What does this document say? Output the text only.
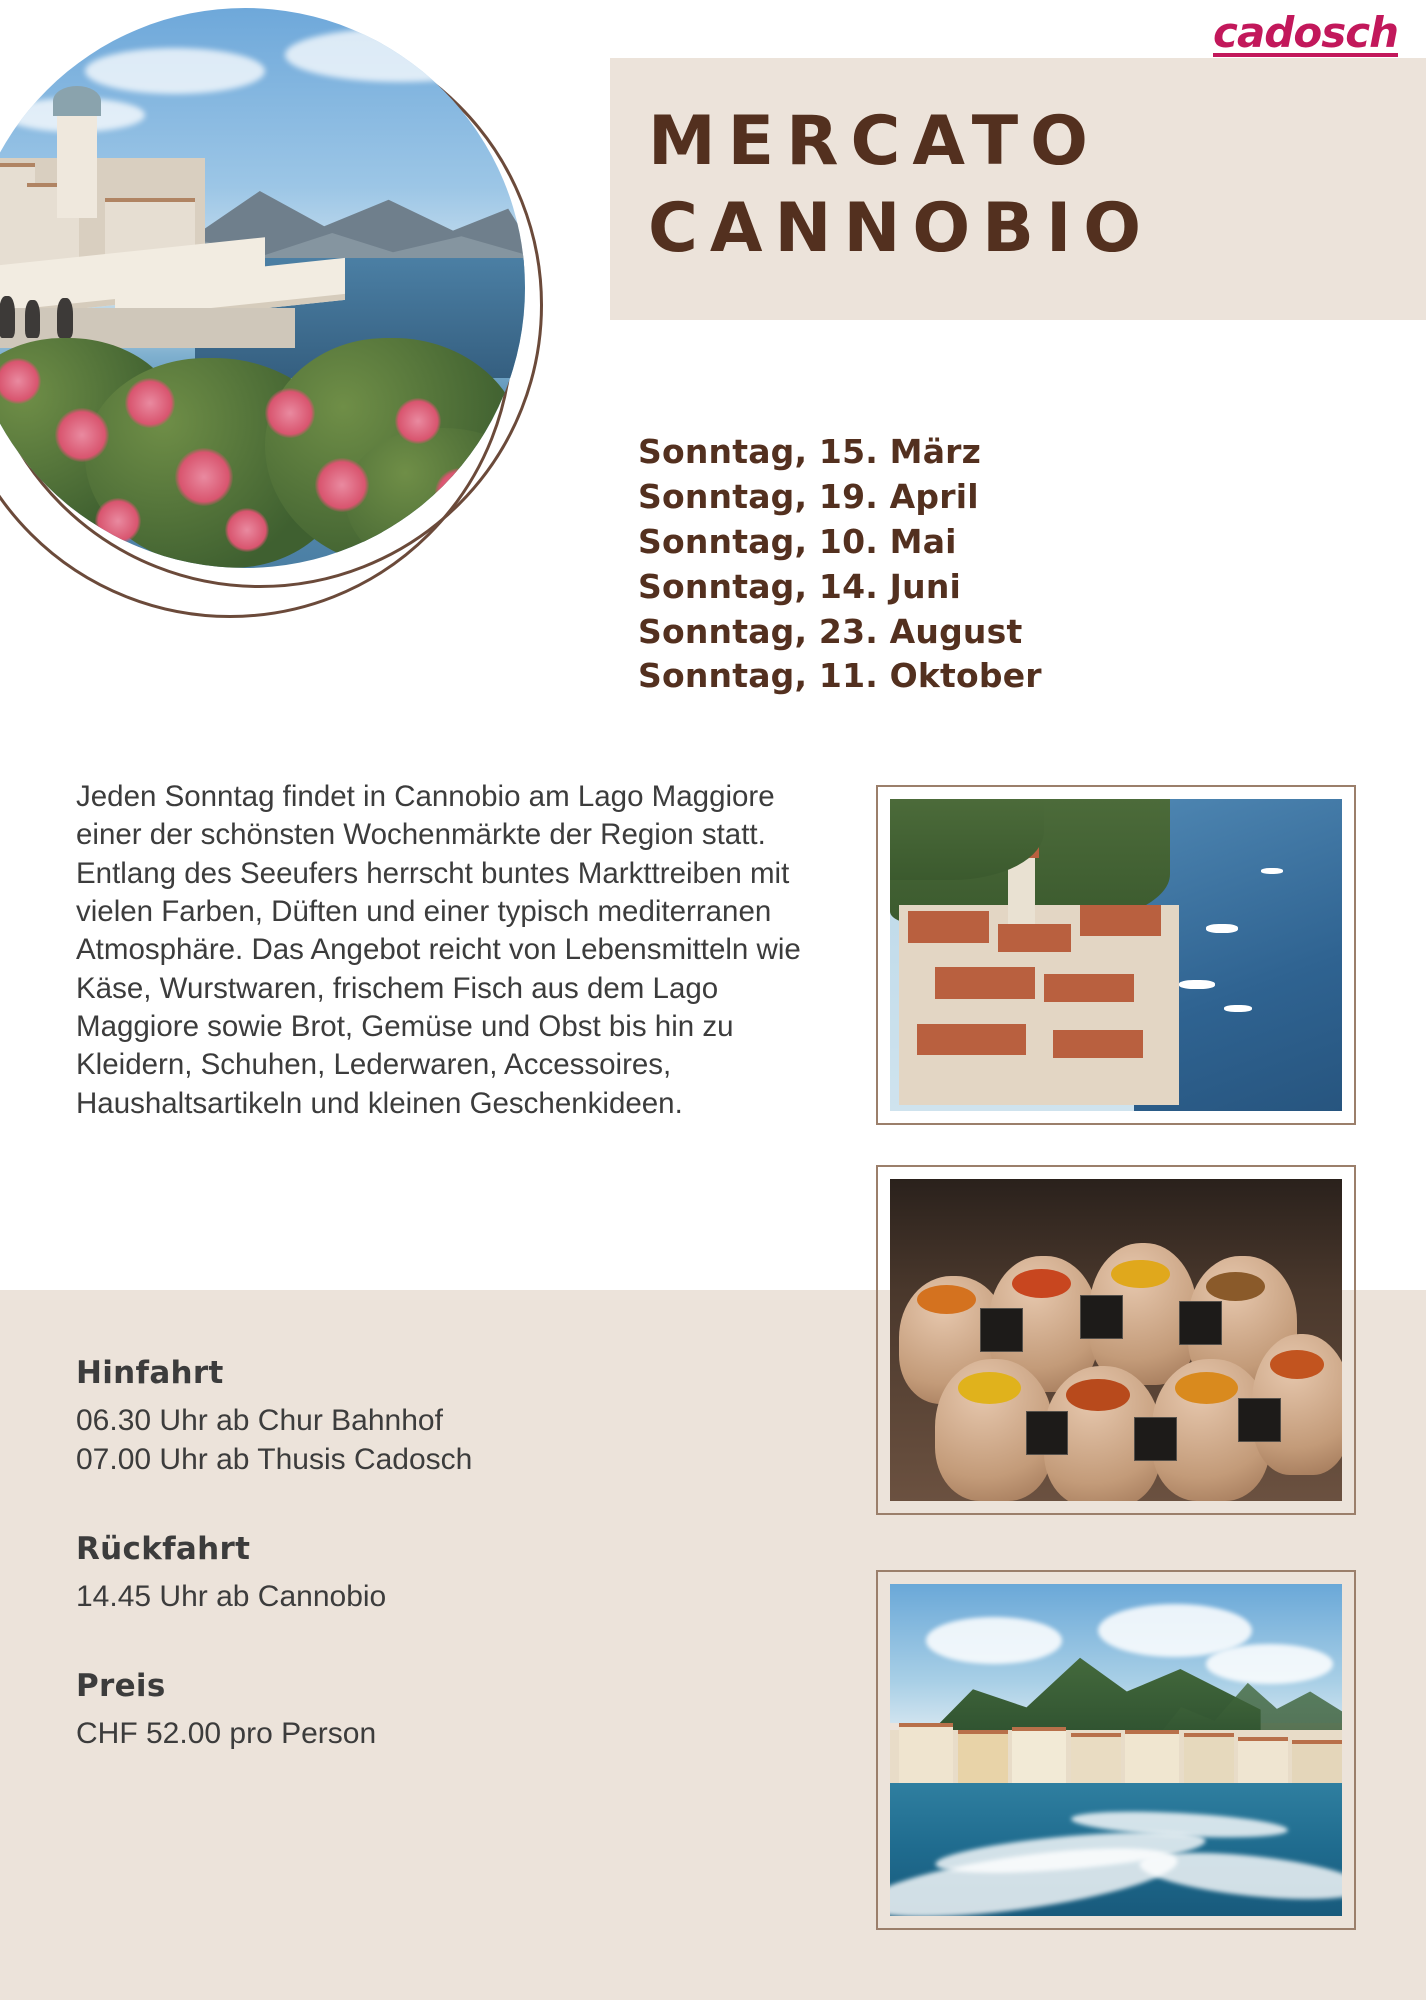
cadosch
MERCATO
CANNOBIO
Sonntag, 15. März
Sonntag, 19. April
Sonntag, 10. Mai
Sonntag, 14. Juni
Sonntag, 23. August
Sonntag, 11. Oktober
Jeden Sonntag findet in Cannobio am Lago Maggiore einer der schönsten Wochenmärkte der Region statt. Entlang des Seeufers herrscht buntes Markttreiben mit vielen Farben, Düften und einer typisch mediterranen Atmosphäre. Das Angebot reicht von Lebensmitteln wie Käse, Wurstwaren, frischem Fisch aus dem Lago Maggiore sowie Brot, Gemüse und Obst bis hin zu Kleidern, Schuhen, Lederwaren, Accessoires, Haushaltsartikeln und kleinen Geschenkideen.
Hinfahrt
06.30 Uhr ab Chur Bahnhof
07.00 Uhr ab Thusis Cadosch
Rückfahrt
14.45 Uhr ab Cannobio
Preis
CHF 52.00 pro Person
